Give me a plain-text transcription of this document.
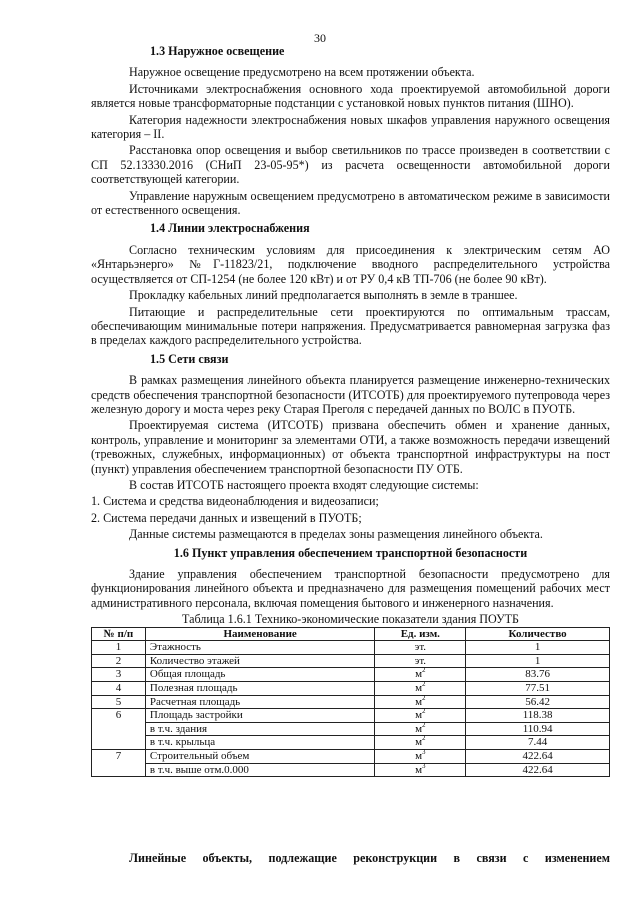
30
1.3 Наружное освещение

Наружное освещение предусмотрено на всем протяжении объекта.

Источниками электроснабжения основного хода проектируемой автомобильной дороги является новые трансформаторные подстанции с установкой новых пунктов питания (ШНО).

Категория надежности электроснабжения новых шкафов управления наружного освещения категория – II.

Расстановка опор освещения и выбор светильников по трассе произведен в соответствии с СП 52.13330.2016 (СНиП 23-05-95*) из расчета освещенности автомобильной дороги соответствующей категории.

Управление наружным освещением предусмотрено в автоматическом режиме в зависимости от естественного освещения.

1.4 Линии электроснабжения

Согласно техническим условиям для присоединения к электрическим сетям АО «Янтарьэнерго» №Г-11823/21, подключение вводного распределительного устройства осуществляется от СП-1254 (не более 120 кВт) и от РУ 0,4 кВ ТП-706 (не более 90 кВт).

Прокладку кабельных линий предполагается выполнять в земле в траншее.

Питающие и распределительные сети проектируются по оптимальным трассам, обеспечивающим минимальные потери напряжения. Предусматривается равномерная загрузка фаз в пределах каждого распределительного устройства.

1.5 Сети связи

В рамках размещения линейного объекта планируется размещение инженерно-технических средств обеспечения транспортной безопасности (ИТСОТБ) для проектируемого путепровода через железную дорогу и моста через реку Старая Преголя с передачей данных по ВОЛС в ПУОТБ.

Проектируемая система (ИТСОТБ) призвана обеспечить обмен и хранение данных, контроль, управление и мониторинг за элементами ОТИ, а также возможность передачи извещений (тревожных, служебных, информационных) от объекта транспортной инфраструктуры на пост (пункт) управления обеспечением транспортной безопасности ПУ ОТБ.

В состав ИТСОТБ настоящего проекта входят следующие системы:

1. Система и средства видеонаблюдения и видеозаписи;

2. Система передачи данных и извещений в ПУОТБ;

Данные системы размещаются в пределах зоны размещения линейного объекта.

1.6 Пункт управления обеспечением транспортной безопасности

Здание управления обеспечением транспортной безопасности предусмотрено для функционирования линейного объекта и предназначено для размещения помещений рабочих мест административного персонала, включая помещения бытового и инженерного назначения.

Таблица 1.6.1 Технико-экономические показатели здания ПОУТБ

№ п/п	Наименование	Ед. изм.	Количество
1	Этажность	эт.	1
2	Количество этажей	эт.	1
3	Общая площадь	$м^2$	83.76
4	Полезная площадь	$м^2$	77.51
5	Расчетная площадь	$м^2$	56.42
6	Площадь застройки	$м^2$	118.38
	в т.ч. здания	$м^2$	110.94
	в т.ч. крыльца	$м^2$	7.44
7	Строительный объем	$м^3$	422.64
	в т.ч. выше отм.0.000	$м^3$	422.64
Линейные объекты, подлежащие реконструкции в связи с изменением
